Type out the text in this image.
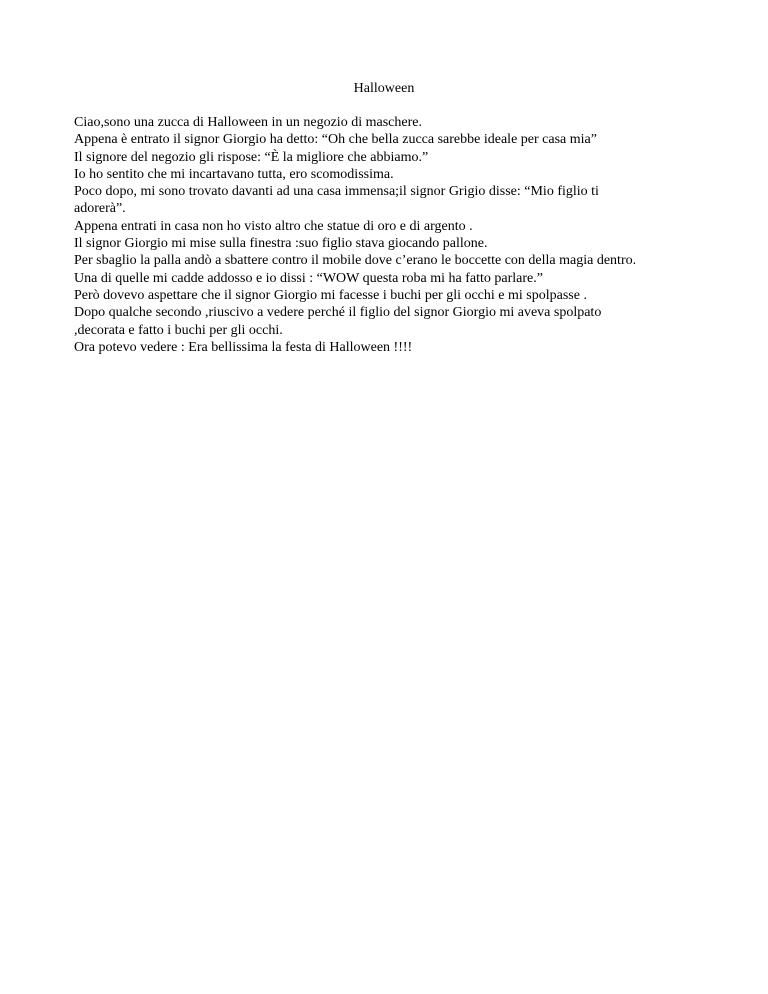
Halloween

Ciao,sono una zucca di Halloween in un negozio di maschere.
Appena è entrato il signor Giorgio ha detto: “Oh che bella zucca sarebbe ideale per casa mia”
Il signore del negozio gli rispose: “È la migliore che abbiamo.”
Io ho sentito che mi incartavano tutta, ero scomodissima.
Poco dopo, mi sono trovato davanti ad una casa immensa;il signor Grigio disse: “Mio figlio ti
adorerà”.
Appena entrati in casa non ho visto altro che statue di oro e di argento .
Il signor Giorgio mi mise sulla finestra :suo figlio stava giocando pallone.
Per sbaglio la palla andò a sbattere contro il mobile dove c’erano le boccette con della magia dentro.
Una di quelle mi cadde addosso e io dissi : “WOW questa roba mi ha fatto parlare.”
Però dovevo aspettare che il signor Giorgio mi facesse i buchi per gli occhi e mi spolpasse .
Dopo qualche secondo ,riuscivo a vedere perché il figlio del signor Giorgio mi aveva spolpato
,decorata e fatto i buchi per gli occhi.
Ora potevo vedere : Era bellissima la festa di Halloween !!!!
